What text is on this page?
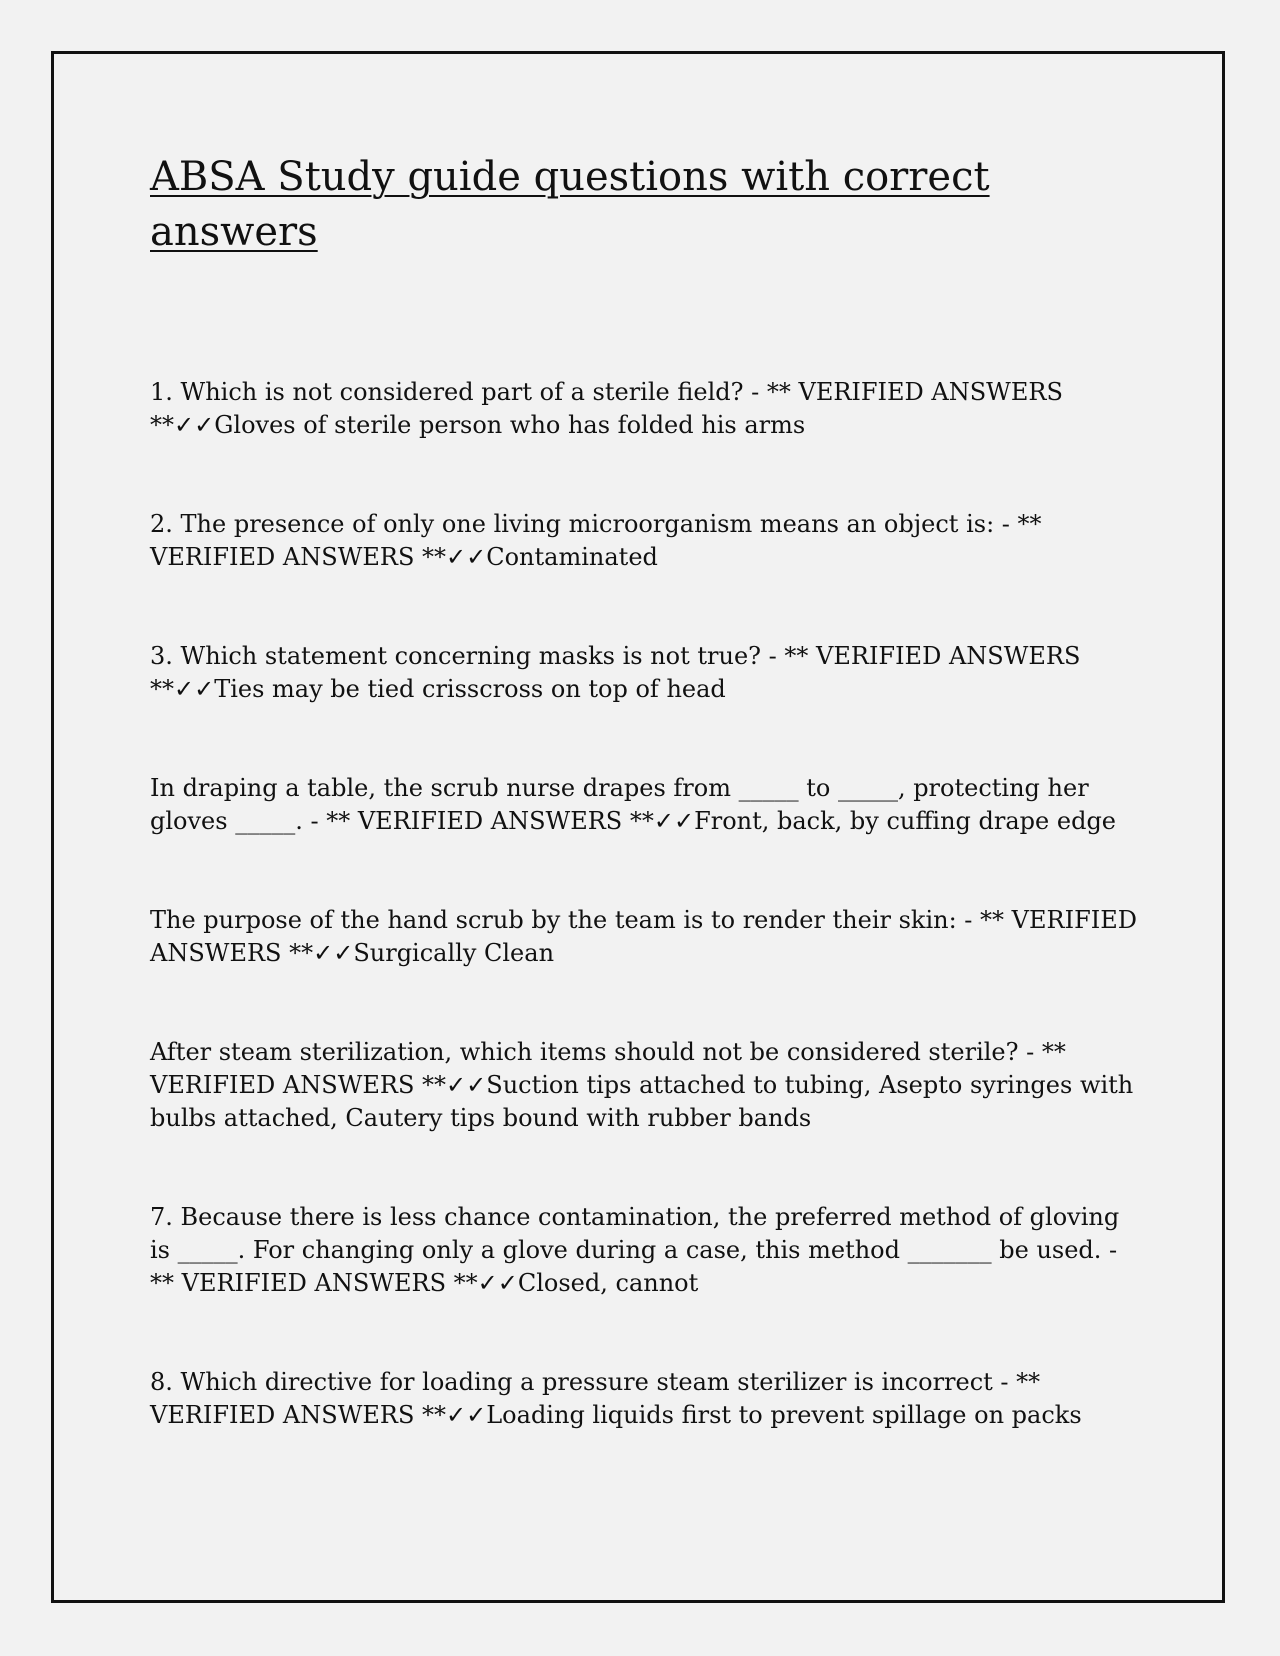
ABSA Study guide questions with correct answers

1. Which is not considered part of a sterile field? - ** VERIFIED ANSWERS **✓✓Gloves of sterile person who has folded his arms

2. The presence of only one living microorganism means an object is: - ** VERIFIED ANSWERS **✓✓Contaminated

3. Which statement concerning masks is not true? - ** VERIFIED ANSWERS **✓✓Ties may be tied crisscross on top of head

In draping a table, the scrub nurse drapes from _____ to _____, protecting her gloves _____. - ** VERIFIED ANSWERS **✓✓Front, back, by cuffing drape edge

The purpose of the hand scrub by the team is to render their skin: - ** VERIFIED ANSWERS **✓✓Surgically Clean

After steam sterilization, which items should not be considered sterile? - ** VERIFIED ANSWERS **✓✓Suction tips attached to tubing, Asepto syringes with bulbs attached, Cautery tips bound with rubber bands

7. Because there is less chance contamination, the preferred method of gloving is _____. For changing only a glove during a case, this method _______ be used. - ** VERIFIED ANSWERS **✓✓Closed, cannot

8. Which directive for loading a pressure steam sterilizer is incorrect - ** VERIFIED ANSWERS **✓✓Loading liquids first to prevent spillage on packs
